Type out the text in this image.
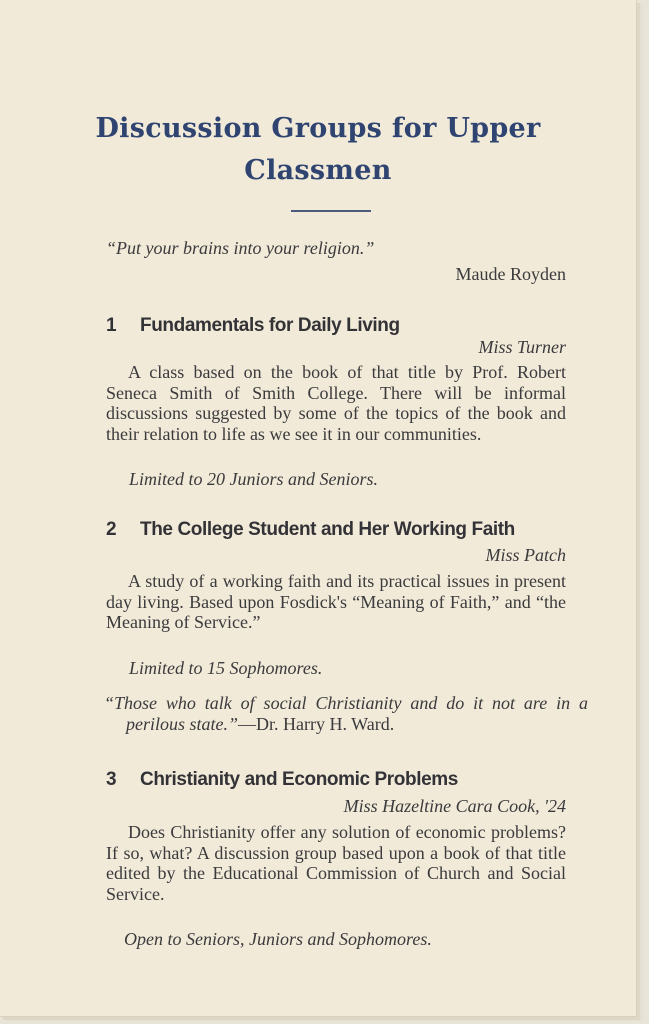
Discussion Groups for Upper Classmen
“Put your brains into your religion.”
Maude Royden
1 Fundamentals for Daily Living
Miss Turner
A class based on the book of that title by Prof. Robert Seneca Smith of Smith College. There will be informal discussions suggested by some of the topics of the book and their relation to life as we see it in our communities.
Limited to 20 Juniors and Seniors.
2 The College Student and Her Working Faith
Miss Patch
A study of a working faith and its practical issues in present day living. Based upon Fosdick's “Meaning of Faith,” and “the Meaning of Service.”
Limited to 15 Sophomores.
“Those who talk of social Christianity and do it not are in a perilous state.”—Dr. Harry H. Ward.
3 Christianity and Economic Problems
Miss Hazeltine Cara Cook, '24
Does Christianity offer any solution of economic problems? If so, what? A discussion group based upon a book of that title edited by the Educational Commission of Church and Social Service.
Open to Seniors, Juniors and Sophomores.
